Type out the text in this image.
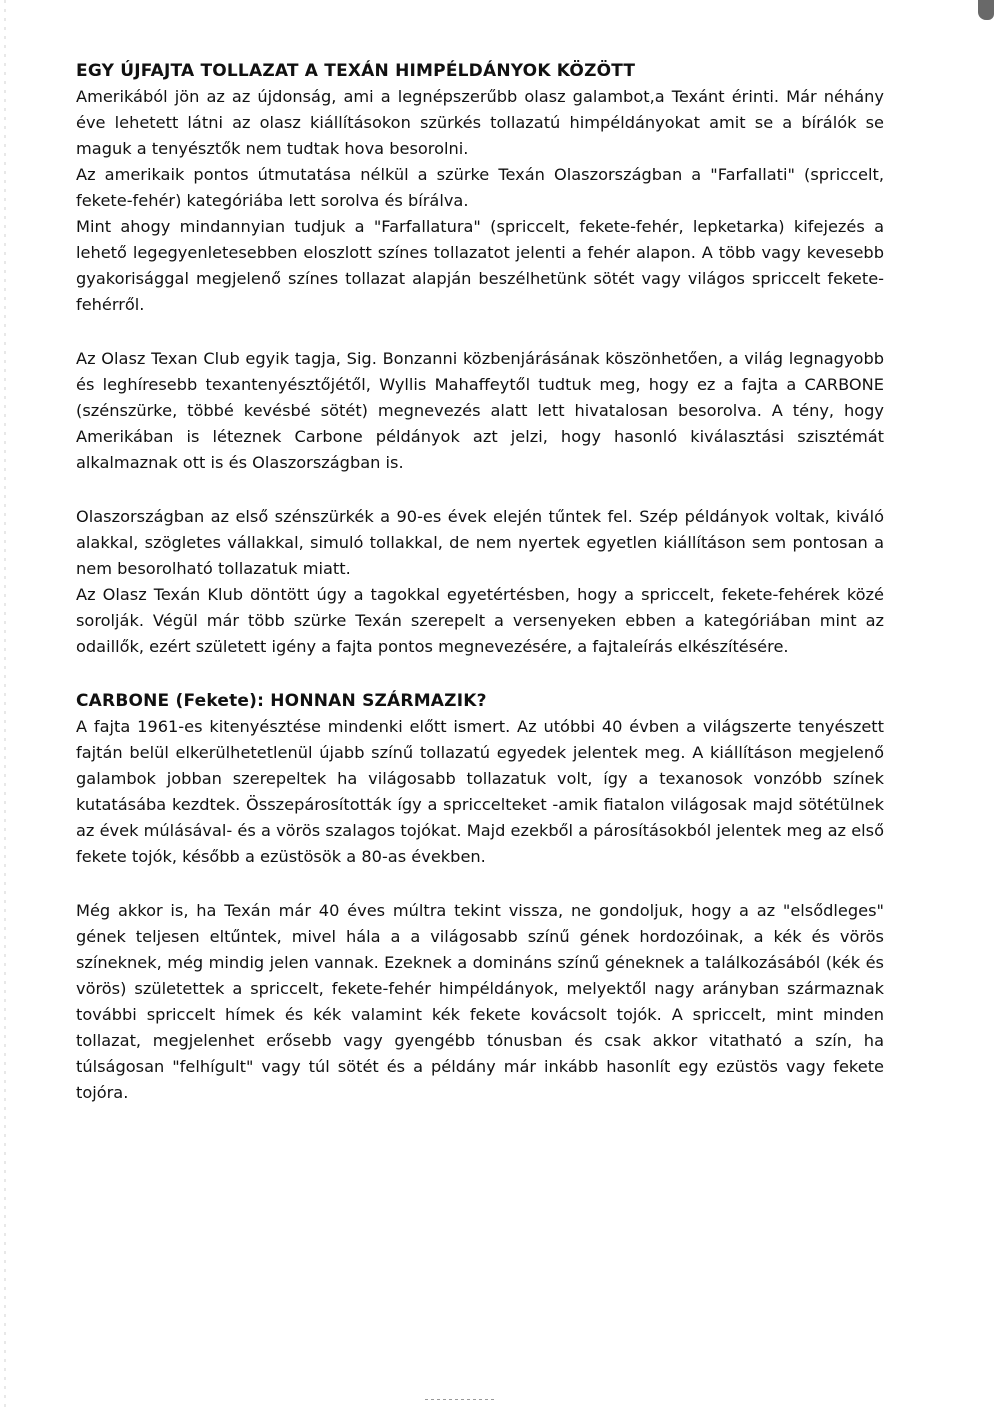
EGY ÚJFAJTA TOLLAZAT A TEXÁN HIMPÉLDÁNYOK KÖZÖTT

Amerikából jön az az újdonság, ami a legnépszerűbb olasz galambot,a Texánt érinti. Már néhány éve lehetett látni az olasz kiállításokon szürkés tollazatú himpéldányokat amit se a bírálók se maguk a tenyésztők nem tudtak hova besorolni.

Az amerikaik pontos útmutatása nélkül a szürke Texán Olaszországban a "Farfallati" (spriccelt, fekete-fehér) kategóriába lett sorolva és bírálva.

Mint ahogy mindannyian tudjuk a "Farfallatura" (spriccelt, fekete-fehér, lepketarka) kifejezés a lehető legegyenletesebben eloszlott színes tollazatot jelenti a fehér alapon. A több vagy kevesebb gyakorisággal megjelenő színes tollazat alapján beszélhetünk sötét vagy világos spriccelt fekete-fehérről.

Az Olasz Texan Club egyik tagja, Sig. Bonzanni közbenjárásának köszönhetően, a világ legnagyobb és leghíresebb texantenyésztőjétől, Wyllis Mahaffeytől tudtuk meg, hogy ez a fajta a CARBONE (szénszürke, többé kevésbé sötét) megnevezés alatt lett hivatalosan besorolva. A tény, hogy Amerikában is léteznek Carbone példányok azt jelzi, hogy hasonló kiválasztási szisztémát alkalmaznak ott is és Olaszországban is.

Olaszországban az első szénszürkék a 90-es évek elején tűntek fel. Szép példányok voltak, kiváló alakkal, szögletes vállakkal, simuló tollakkal, de nem nyertek egyetlen kiállításon sem pontosan a nem besorolható tollazatuk miatt.

Az Olasz Texán Klub döntött úgy a tagokkal egyetértésben, hogy a spriccelt, fekete-fehérek közé sorolják. Végül már több szürke Texán szerepelt a versenyeken ebben a kategóriában mint az odaillők, ezért született igény a fajta pontos megnevezésére, a fajtaleírás elkészítésére.

CARBONE (Fekete): HONNAN SZÁRMAZIK?

A fajta 1961-es kitenyésztése mindenki előtt ismert. Az utóbbi 40 évben a világszerte tenyészett fajtán belül elkerülhetetlenül újabb színű tollazatú egyedek jelentek meg. A kiállításon megjelenő galambok jobban szerepeltek ha világosabb tollazatuk volt, így a texanosok vonzóbb színek kutatásába kezdtek. Összepárosították így a spriccelteket -amik fiatalon világosak majd sötétülnek az évek múlásával- és a vörös szalagos tojókat. Majd ezekből a párosításokból jelentek meg az első fekete tojók, később a ezüstösök a 80-as években.

Még akkor is, ha Texán már 40 éves múltra tekint vissza, ne gondoljuk, hogy a az "elsődleges" gének teljesen eltűntek, mivel hála a a világosabb színű gének hordozóinak, a kék és vörös színeknek, még mindig jelen vannak. Ezeknek a domináns színű géneknek a találkozásából (kék és vörös) születettek a spriccelt, fekete-fehér himpéldányok, melyektől nagy arányban származnak további spriccelt hímek és kék valamint kék fekete kovácsolt tojók. A spriccelt, mint minden tollazat, megjelenhet erősebb vagy gyengébb tónusban és csak akkor vitatható a szín, ha túlságosan "felhígult" vagy túl sötét és a példány már inkább hasonlít egy ezüstös vagy fekete tojóra.
